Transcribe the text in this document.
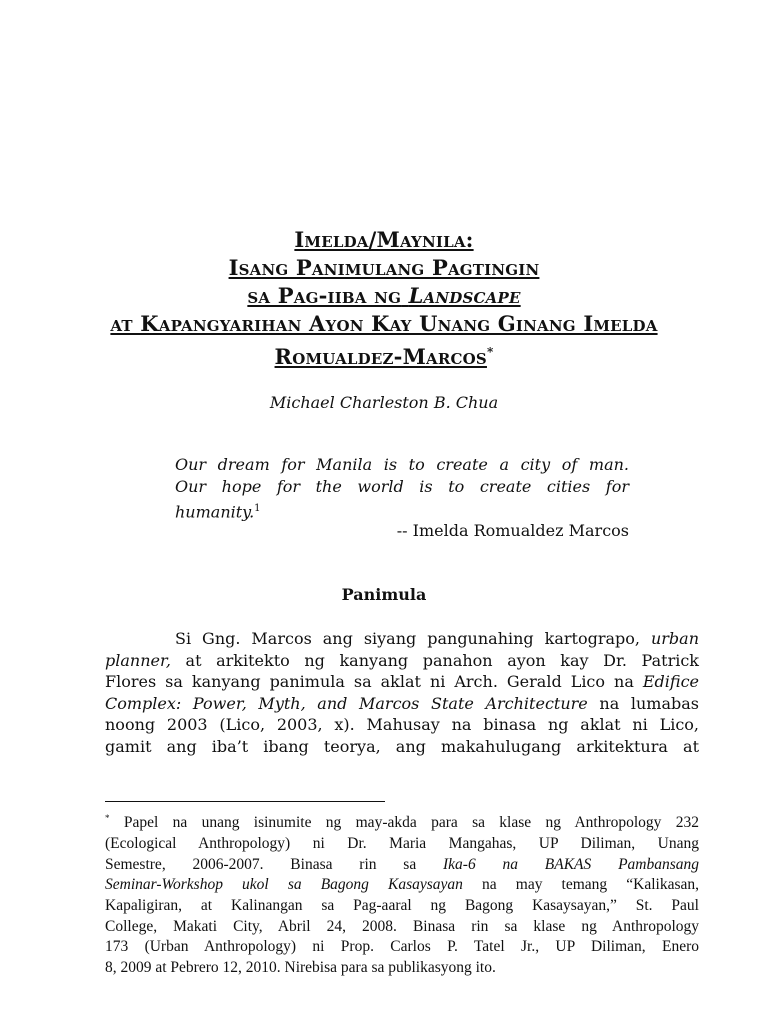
Imelda/Maynila:
Isang Panimulang Pagtingin
sa Pag-iiba ng Landscape
at Kapangyarihan Ayon Kay Unang Ginang Imelda
Romualdez-Marcos*
Michael Charleston B. Chua
Our dream for Manila is to create a city of man.
Our hope for the world is to create cities for
humanity.$^1$
-- Imelda Romualdez Marcos
Panimula
Si Gng. Marcos ang siyang pangunahing kartograpo, urban
planner, at arkitekto ng kanyang panahon ayon kay Dr. Patrick
Flores sa kanyang panimula sa aklat ni Arch. Gerald Lico na Edifice
Complex: Power, Myth, and Marcos State Architecture na lumabas
noong 2003 (Lico, 2003, x). Mahusay na binasa ng aklat ni Lico,
gamit ang iba’t ibang teorya, ang makahulugang arkitektura at
* Papel na unang isinumite ng may-akda para sa klase ng Anthropology 232
(Ecological Anthropology) ni Dr. Maria Mangahas, UP Diliman, Unang
Semestre, 2006-2007. Binasa rin sa Ika-6 na BAKAS Pambansang
Seminar-Workshop ukol sa Bagong Kasaysayan na may temang “Kalikasan,
Kapaligiran, at Kalinangan sa Pag-aaral ng Bagong Kasaysayan,” St. Paul
College, Makati City, Abril 24, 2008. Binasa rin sa klase ng Anthropology
173 (Urban Anthropology) ni Prop. Carlos P. Tatel Jr., UP Diliman, Enero
8, 2009 at Pebrero 12, 2010. Nirebisa para sa publikasyong ito.
